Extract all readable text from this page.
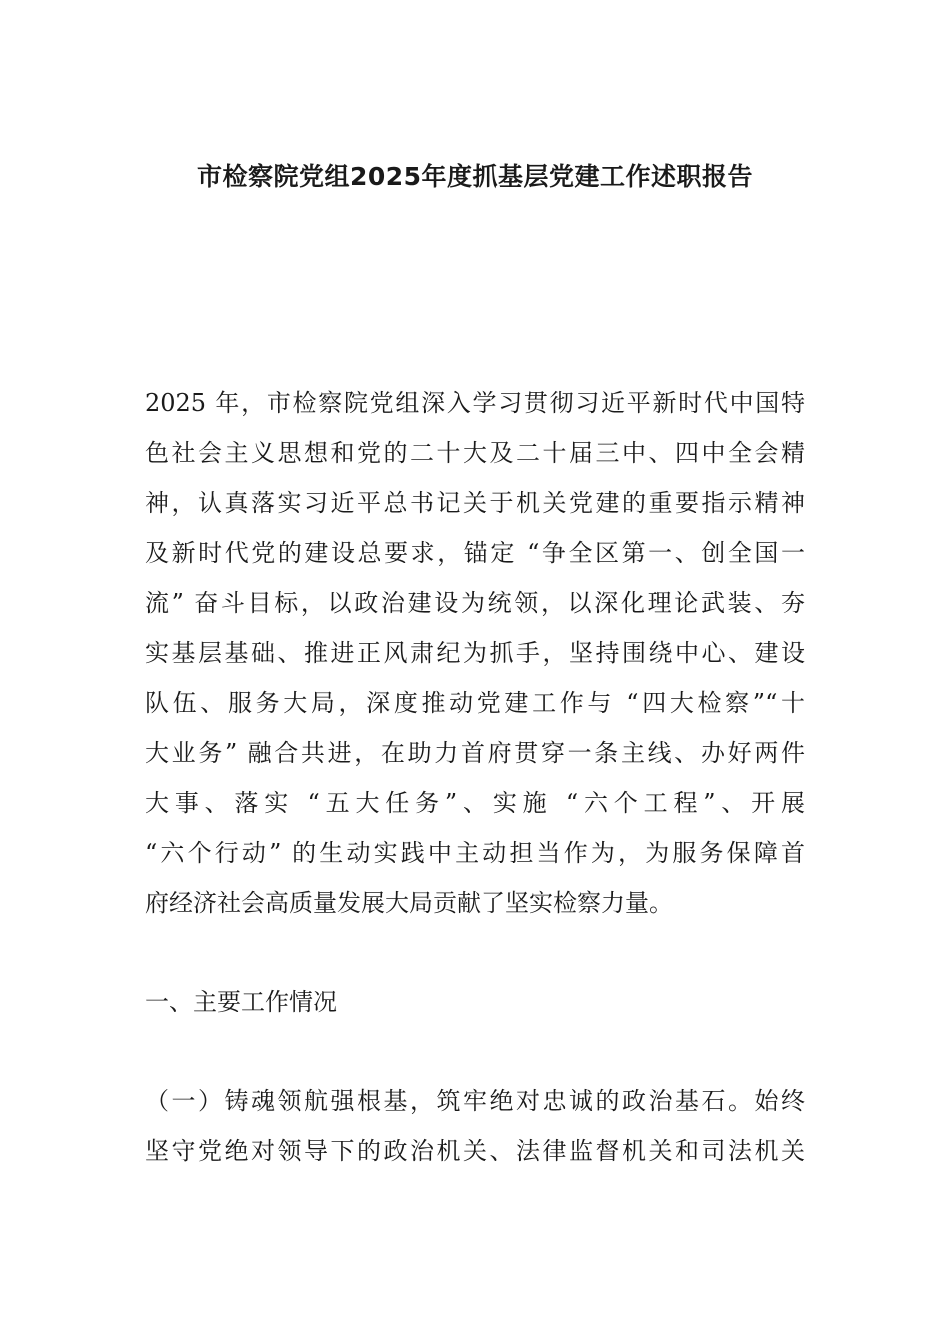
市检察院党组2025年度抓基层党建工作述职报告
2025 年，市检察院党组深入学习贯彻习近平新时代中国特
色社会主义思想和党的二十大及二十届三中、四中全会精
神，认真落实习近平总书记关于机关党建的重要指示精神
及新时代党的建设总要求，锚定 “争全区第一、创全国一
流” 奋斗目标，以政治建设为统领，以深化理论武装、夯
实基层基础、推进正风肃纪为抓手，坚持围绕中心、建设
队伍、服务大局，深度推动党建工作与 “四大检察”“十
大业务” 融合共进，在助力首府贯穿一条主线、办好两件
大事、落实 “五大任务”、实施 “六个工程”、开展
“六个行动” 的生动实践中主动担当作为，为服务保障首
府经济社会高质量发展大局贡献了坚实检察力量。
一、主要工作情况
（一）铸魂领航强根基，筑牢绝对忠诚的政治基石。始终
坚守党绝对领导下的政治机关、法律监督机关和司法机关
